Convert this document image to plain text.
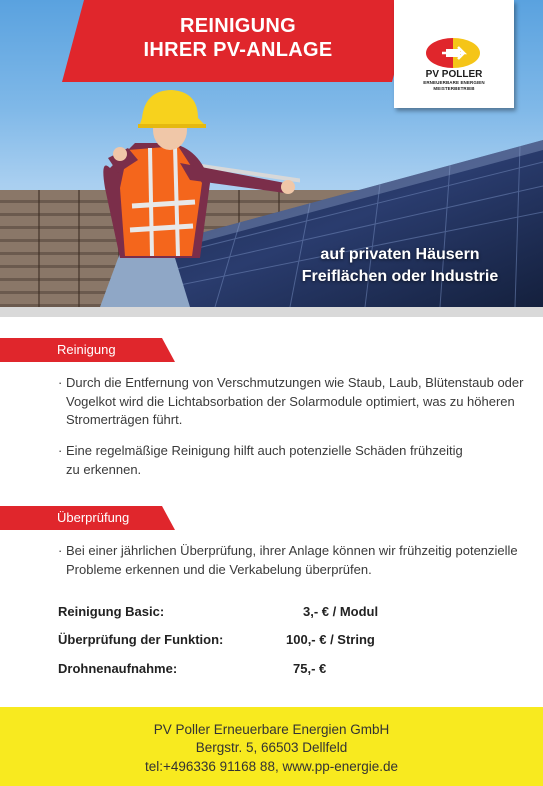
REINIGUNG
IHRER PV-ANLAGE
PV POLLER
ERNEUERBARE ENERGIEN
MEISTERBETRIEB
auf privaten Häusern
Freiflächen oder Industrie
Reinigung
· Durch die Entfernung von Verschmutzungen wie Staub, Laub, Blütenstaub oder Vogelkot wird die Lichtabsorbation der Solarmodule optimiert, was zu höheren Stromerträgen führt.
· Eine regelmäßige Reinigung hilft auch potenzielle Schäden frühzeitig zu erkennen.
Überprüfung
· Bei einer jährlichen Überprüfung, ihrer Anlage können wir frühzeitig potenzielle Probleme erkennen und die Verkabelung überprüfen.
Reinigung Basic:	3,- € / Modul
Überprüfung der Funktion:	100,- € / String
Drohnenaufnahme:	75,- €
PV Poller Erneuerbare Energien GmbH
Bergstr. 5, 66503 Dellfeld
tel:+496336 91168 88, www.pp-energie.de
